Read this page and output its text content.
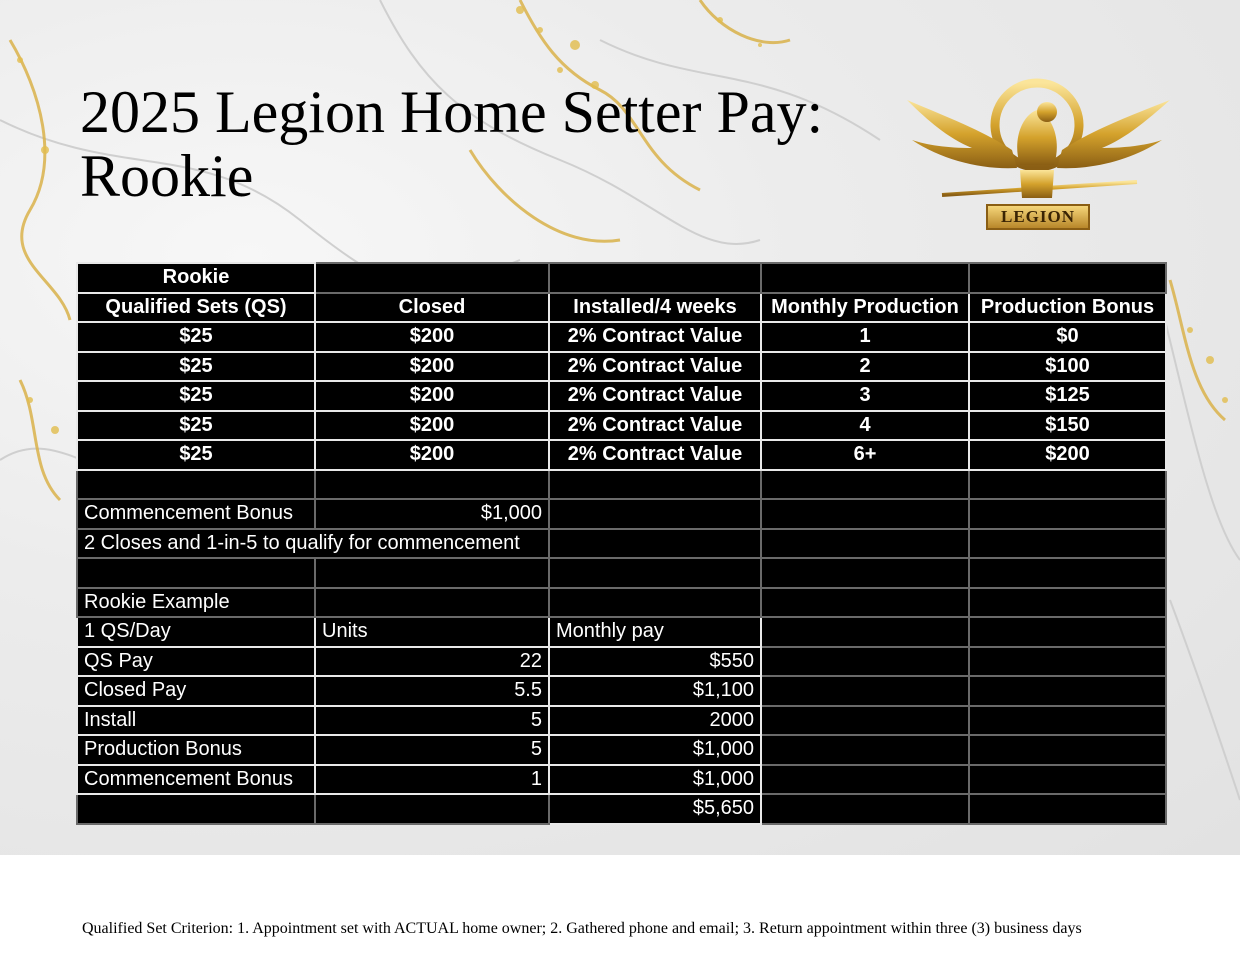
2025 Legion Home Setter Pay:
Rookie
LEGION
Rookie				
Qualified Sets (QS)	Closed	Installed/4 weeks	Monthly Production	Production Bonus
$25	$200	2% Contract Value	1	$0
$25	$200	2% Contract Value	2	$100
$25	$200	2% Contract Value	3	$125
$25	$200	2% Contract Value	4	$150
$25	$200	2% Contract Value	6+	$200

Commencement Bonus	$1,000			
2 Closes and 1-in-5 to qualify for commencement				

Rookie Example				
1 QS/Day	Units	Monthly pay		
QS Pay	22	$550		
Closed Pay	5.5	$1,100		
Install	5	2000		
Production Bonus	5	$1,000		
Commencement Bonus	1	$1,000		
		$5,650		
Qualified Set Criterion: 1. Appointment set with ACTUAL home owner; 2. Gathered phone and email; 3. Return appointment within three (3) business days
